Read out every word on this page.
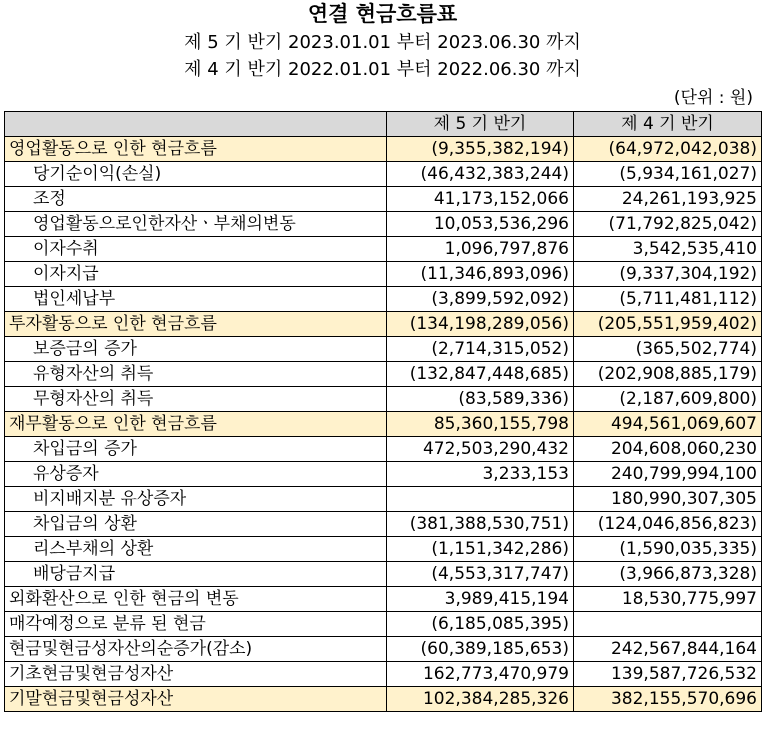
연결 현금흐름표
제 5 기 반기 2023.01.01 부터 2023.06.30 까지
제 4 기 반기 2022.01.01 부터 2022.06.30 까지
(단위 : 원)
	제 5 기 반기	제 4 기 반기
영업활동으로 인한 현금흐름	(9,355,382,194)	(64,972,042,038)
당기순이익(손실)	(46,432,383,244)	(5,934,161,027)
조정	41,173,152,066	24,261,193,925
영업활동으로인한자산ㆍ부채의변동	10,053,536,296	(71,792,825,042)
이자수취	1,096,797,876	3,542,535,410
이자지급	(11,346,893,096)	(9,337,304,192)
법인세납부	(3,899,592,092)	(5,711,481,112)
투자활동으로 인한 현금흐름	(134,198,289,056)	(205,551,959,402)
보증금의 증가	(2,714,315,052)	(365,502,774)
유형자산의 취득	(132,847,448,685)	(202,908,885,179)
무형자산의 취득	(83,589,336)	(2,187,609,800)
재무활동으로 인한 현금흐름	85,360,155,798	494,561,069,607
차입금의 증가	472,503,290,432	204,608,060,230
유상증자	3,233,153	240,799,994,100
비지배지분 유상증자		180,990,307,305
차입금의 상환	(381,388,530,751)	(124,046,856,823)
리스부채의 상환	(1,151,342,286)	(1,590,035,335)
배당금지급	(4,553,317,747)	(3,966,873,328)
외화환산으로 인한 현금의 변동	3,989,415,194	18,530,775,997
매각예정으로 분류 된 현금	(6,185,085,395)	
현금및현금성자산의순증가(감소)	(60,389,185,653)	242,567,844,164
기초현금및현금성자산	162,773,470,979	139,587,726,532
기말현금및현금성자산	102,384,285,326	382,155,570,696
